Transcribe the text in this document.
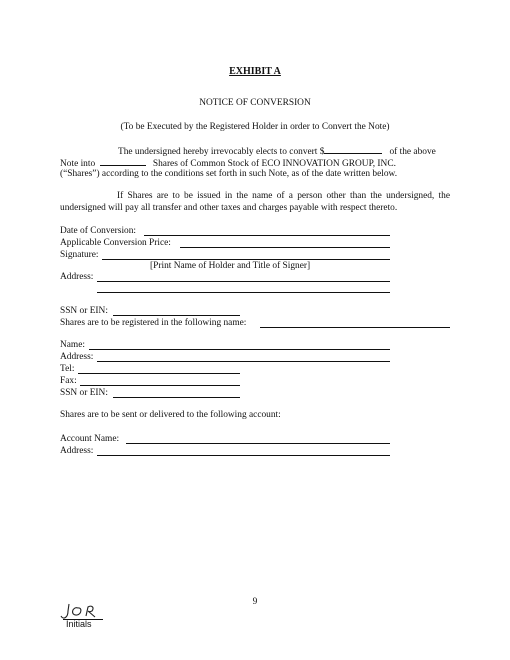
EXHIBIT A
NOTICE OF CONVERSION
(To be Executed by the Registered Holder in order to Convert the Note)
The undersigned hereby irrevocably elects to convert $	of the above
Note into	Shares of Common Stock of ECO INNOVATION GROUP, INC.
(“Shares”) according to the conditions set forth in such Note, as of the date written below.
If Shares are to be issued in the name of a person other than the undersigned, the undersigned will pay all transfer and other taxes and charges payable with respect thereto.
Date of Conversion:
Applicable Conversion Price:
Signature:
[Print Name of Holder and Title of Signer]
Address:
SSN or EIN:
Shares are to be registered in the following name:
Name:
Address:
Tel:
Fax:
SSN or EIN:
Shares are to be sent or delivered to the following account:
Account Name:
Address:
9
Initials
